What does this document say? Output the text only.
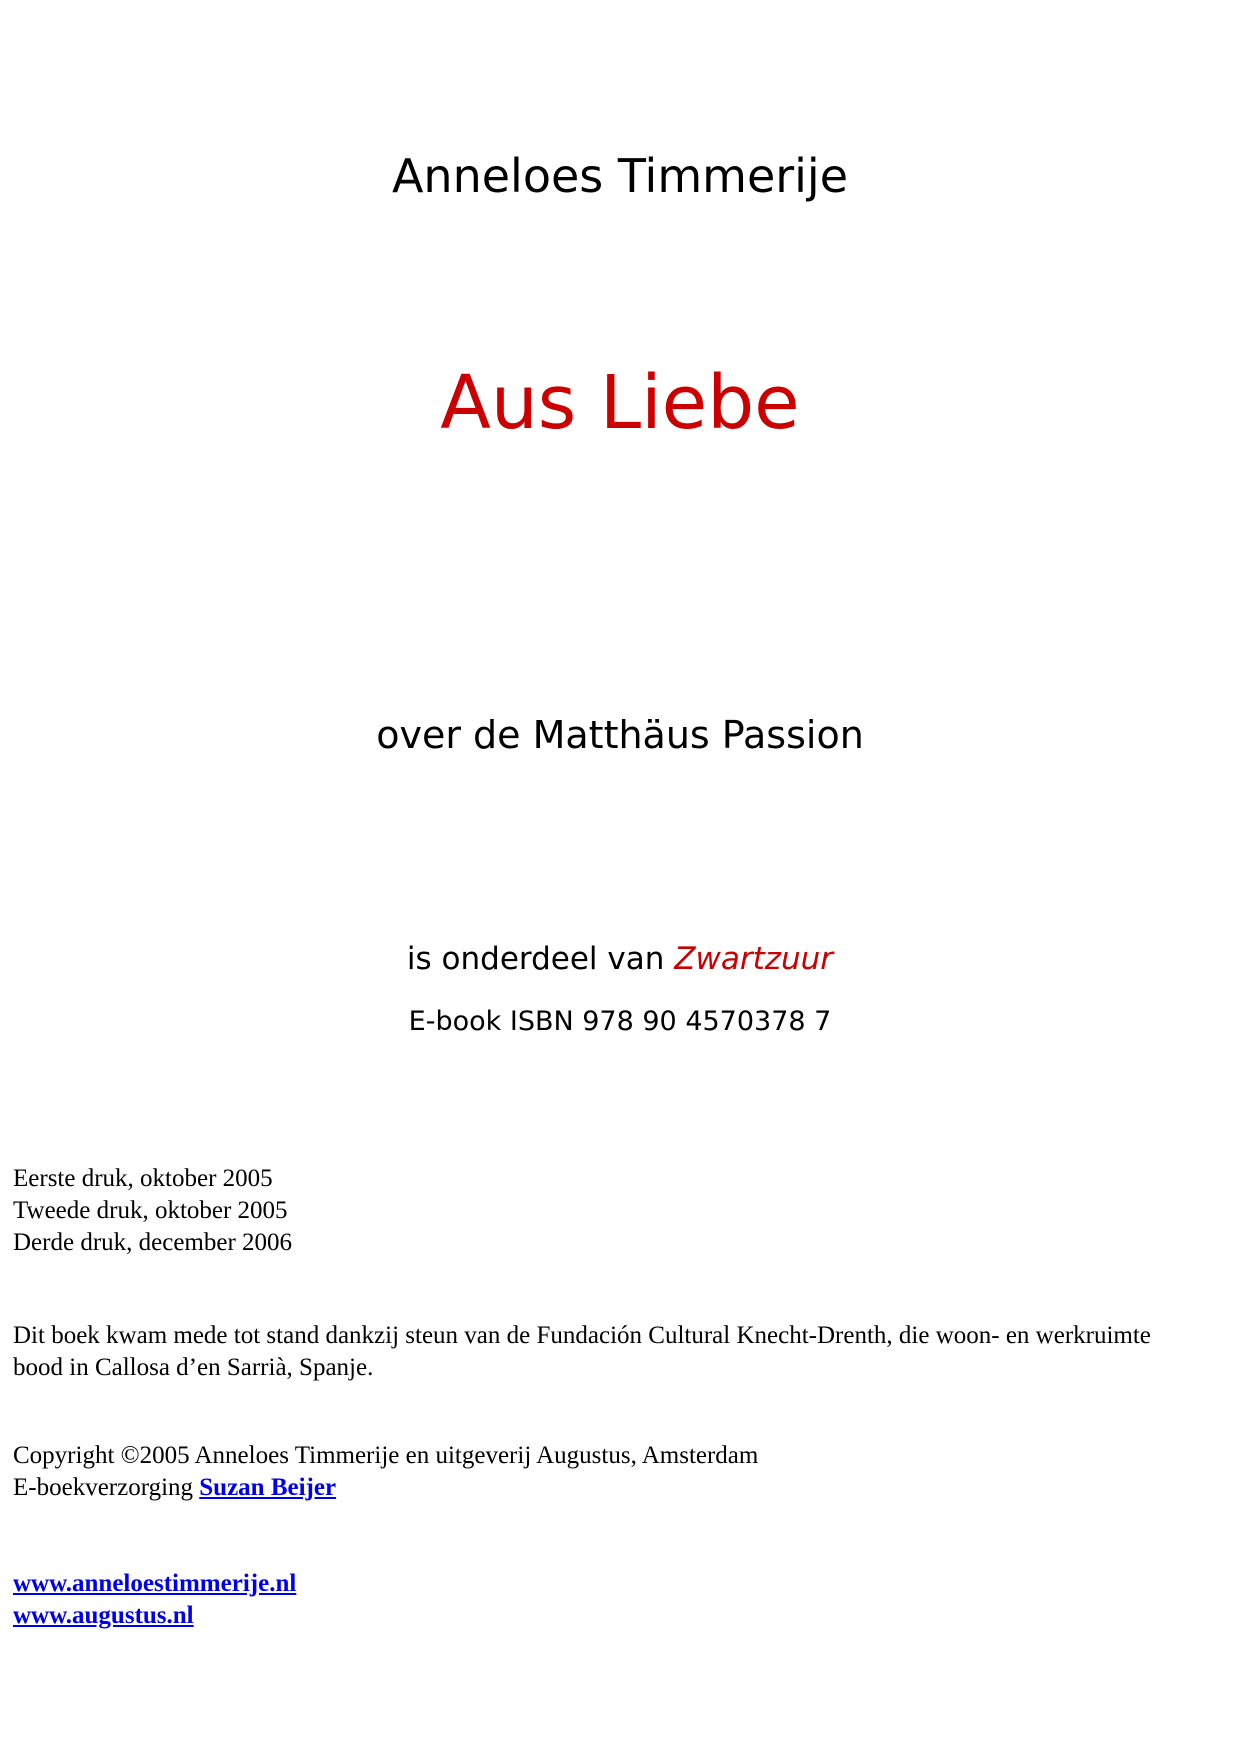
Anneloes Timmerije
Aus Liebe
over de Matthäus Passion
is onderdeel van Zwartzuur
E-book ISBN 978 90 4570378 7
Eerste druk, oktober 2005
Tweede druk, oktober 2005
Derde druk, december 2006
Dit boek kwam mede tot stand dankzij steun van de Fundación Cultural Knecht-Drenth, die woon- en werkruimte bood in Callosa d’en Sarrià, Spanje.
Copyright ©2005 Anneloes Timmerije en uitgeverij Augustus, Amsterdam
E-boekverzorging Suzan Beijer
www.anneloestimmerije.nl
www.augustus.nl
